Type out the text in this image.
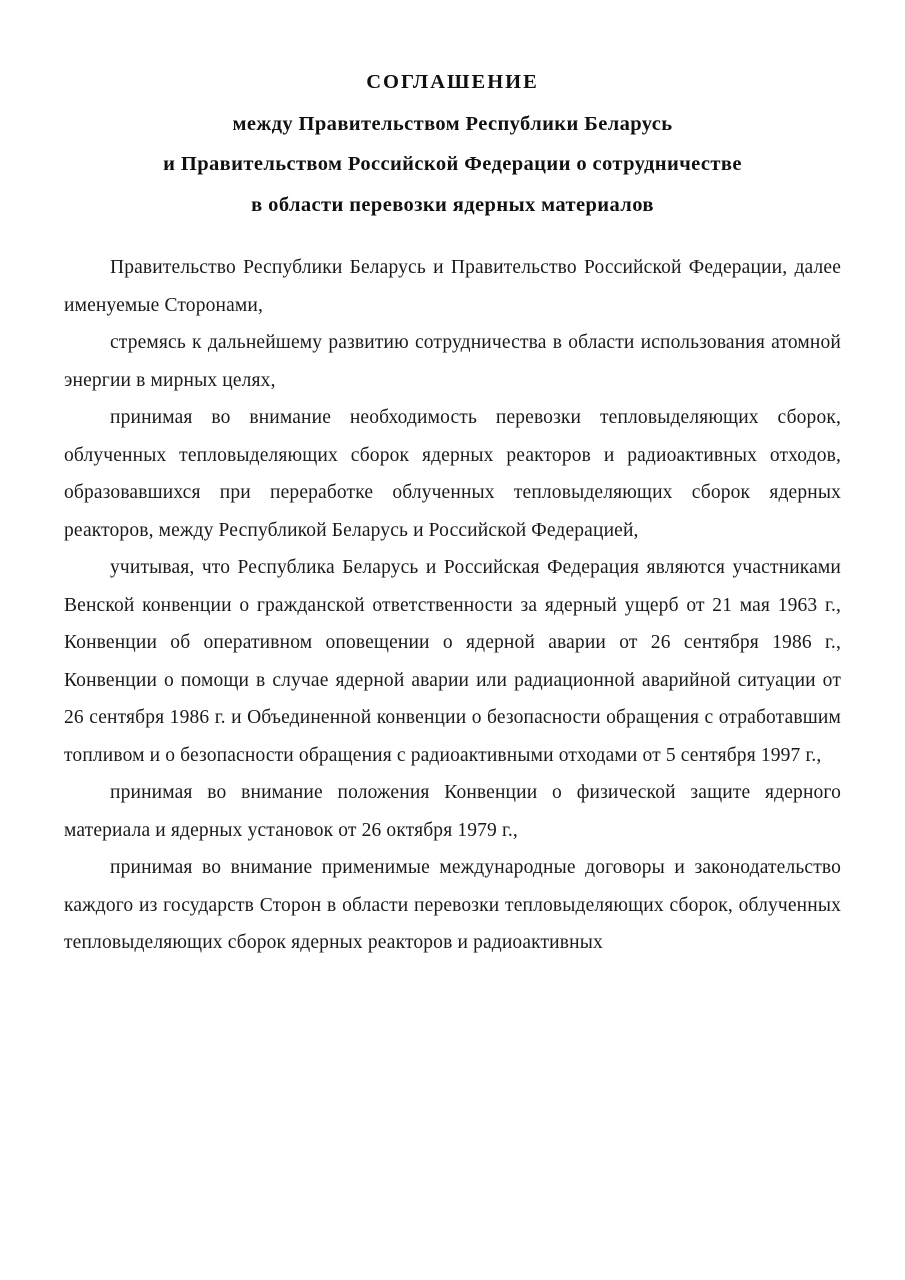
СОГЛАШЕНИЕ
между Правительством Республики Беларусь
и Правительством Российской Федерации о сотрудничестве
в области перевозки ядерных материалов

Правительство Республики Беларусь и Правительство Российской Федерации, далее именуемые Сторонами,

стремясь к дальнейшему развитию сотрудничества в области использования атомной энергии в мирных целях,

принимая во внимание необходимость перевозки тепловыделяющих сборок, облученных тепловыделяющих сборок ядерных реакторов и радиоактивных отходов, образовавшихся при переработке облученных тепловыделяющих сборок ядерных реакторов, между Республикой Беларусь и Российской Федерацией,

учитывая, что Республика Беларусь и Российская Федерация являются участниками Венской конвенции о гражданской ответственности за ядерный ущерб от 21 мая 1963 г., Конвенции об оперативном оповещении о ядерной аварии от 26 сентября 1986 г., Конвенции о помощи в случае ядерной аварии или радиационной аварийной ситуации от 26 сентября 1986 г. и Объединенной конвенции о безопасности обращения с отработавшим топливом и о безопасности обращения с радиоактивными отходами от 5 сентября 1997 г.,

принимая во внимание положения Конвенции о физической защите ядерного материала и ядерных установок от 26 октября 1979 г.,

принимая во внимание применимые международные договоры и законодательство каждого из государств Сторон в области перевозки тепловыделяющих сборок, облученных тепловыделяющих сборок ядерных реакторов и радиоактивных
